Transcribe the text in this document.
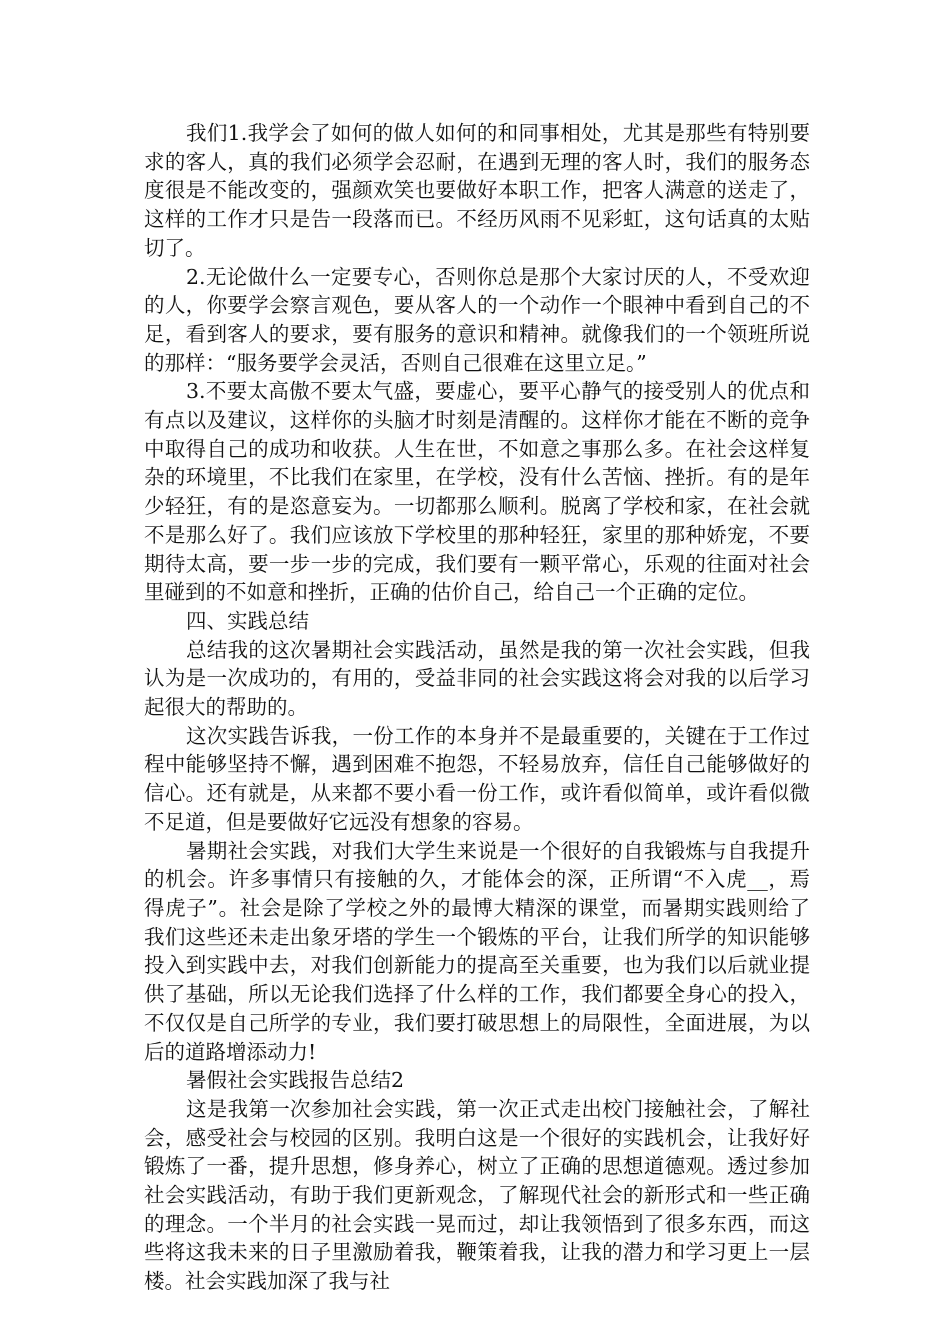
我们1.我学会了如何的做人如何的和同事相处，尤其是那些有特别要求的客人，真的我们必须学会忍耐，在遇到无理的客人时，我们的服务态度很是不能改变的，强颜欢笑也要做好本职工作，把客人满意的送走了，这样的工作才只是告一段落而已。不经历风雨不见彩虹，这句话真的太贴切了。

2.无论做什么一定要专心，否则你总是那个大家讨厌的人，不受欢迎的人，你要学会察言观色，要从客人的一个动作一个眼神中看到自己的不足，看到客人的要求，要有服务的意识和精神。就像我们的一个领班所说的那样：“服务要学会灵活，否则自己很难在这里立足。”

3.不要太高傲不要太气盛，要虚心，要平心静气的接受别人的优点和有点以及建议，这样你的头脑才时刻是清醒的。这样你才能在不断的竞争中取得自己的成功和收获。人生在世，不如意之事那么多。在社会这样复杂的环境里，不比我们在家里，在学校，没有什么苦恼、挫折。有的是年少轻狂，有的是恣意妄为。一切都那么顺利。脱离了学校和家，在社会就不是那么好了。我们应该放下学校里的那种轻狂，家里的那种娇宠，不要期待太高，要一步一步的完成，我们要有一颗平常心，乐观的往面对社会里碰到的不如意和挫折，正确的估价自己，给自己一个正确的定位。

四、实践总结

总结我的这次暑期社会实践活动，虽然是我的第一次社会实践，但我认为是一次成功的，有用的，受益非同的社会实践这将会对我的以后学习起很大的帮助的。

这次实践告诉我，一份工作的本身并不是最重要的，关键在于工作过程中能够坚持不懈，遇到困难不抱怨，不轻易放弃，信任自己能够做好的信心。还有就是，从来都不要小看一份工作，或许看似简单，或许看似微不足道，但是要做好它远没有想象的容易。

暑期社会实践，对我们大学生来说是一个很好的自我锻炼与自我提升的机会。许多事情只有接触的久，才能体会的深，正所谓“不入虎__，焉得虎子”。社会是除了学校之外的最博大精深的课堂，而暑期实践则给了我们这些还未走出象牙塔的学生一个锻炼的平台，让我们所学的知识能够投入到实践中去，对我们创新能力的提高至关重要，也为我们以后就业提供了基础，所以无论我们选择了什么样的工作，我们都要全身心的投入，不仅仅是自己所学的专业，我们要打破思想上的局限性，全面进展，为以后的道路增添动力!

暑假社会实践报告总结2

这是我第一次参加社会实践，第一次正式走出校门接触社会，了解社会，感受社会与校园的区别。我明白这是一个很好的实践机会，让我好好锻炼了一番，提升思想，修身养心，树立了正确的思想道德观。透过参加社会实践活动，有助于我们更新观念，了解现代社会的新形式和一些正确的理念。一个半月的社会实践一晃而过，却让我领悟到了很多东西，而这些将这我未来的日子里激励着我，鞭策着我，让我的潜力和学习更上一层楼。社会实践加深了我与社
